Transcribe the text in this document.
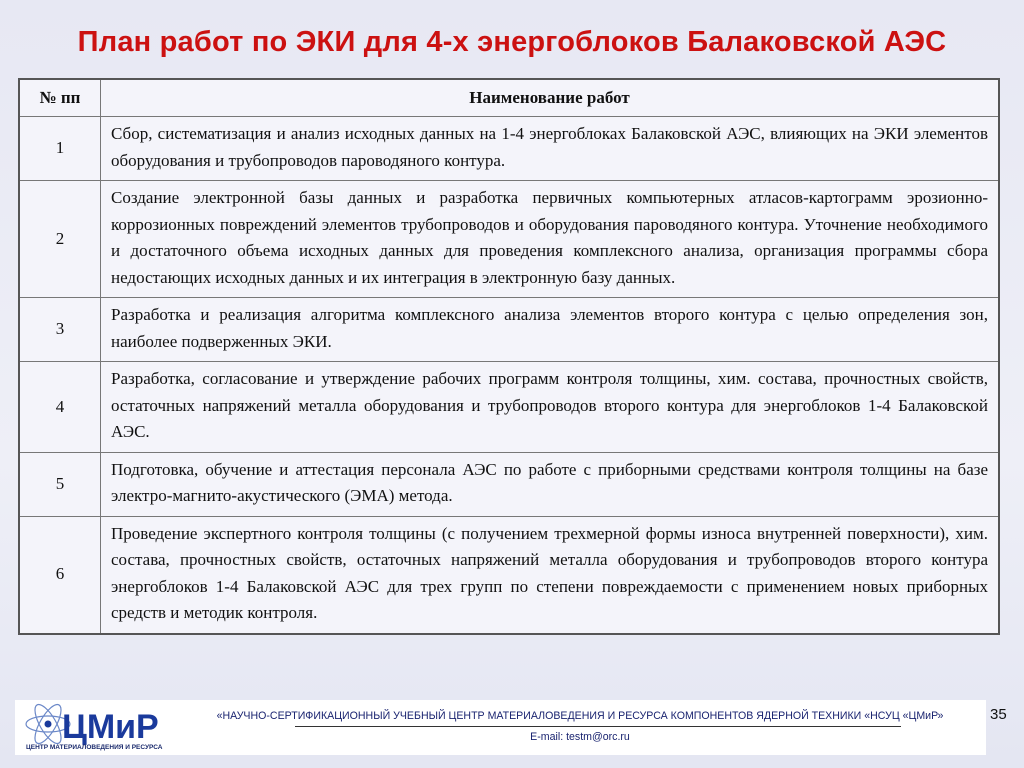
План работ по ЭКИ для 4-х энергоблоков Балаковской АЭС
№ пп	Наименование работ
1	Сбор, систематизация и анализ исходных данных на 1-4 энергоблоках Балаковской АЭС, влияющих на ЭКИ элементов оборудования и трубопроводов пароводяного контура.
2	Создание электронной базы данных и разработка первичных компьютерных атласов-картограмм эрозионно-коррозионных повреждений элементов трубопроводов и оборудования пароводяного контура. Уточнение необходимого и достаточного объема исходных данных для проведения комплексного анализа, организация программы сбора недостающих исходных данных и их интеграция в электронную базу данных.
3	Разработка и реализация алгоритма комплексного анализа элементов второго контура с целью определения зон, наиболее подверженных ЭКИ.
4	Разработка, согласование и утверждение рабочих программ контроля толщины, хим. состава, прочностных свойств, остаточных напряжений металла оборудования и трубопроводов второго контура для энергоблоков 1-4 Балаковской АЭС.
5	Подготовка, обучение и аттестация персонала АЭС по работе с приборными средствами контроля толщины на базе электро-магнито-акустического (ЭМА) метода.
6	Проведение экспертного контроля толщины (с получением трехмерной формы износа внутренней поверхности), хим. состава, прочностных свойств, остаточных напряжений металла оборудования и трубопроводов второго контура энергоблоков 1-4 Балаковской АЭС для трех групп по степени повреждаемости с применением новых приборных средств и методик контроля.
ЦМиР
ЦЕНТР МАТЕРИАЛОВЕДЕНИЯ И РЕСУРСА
«НАУЧНО-СЕРТИФИКАЦИОННЫЙ УЧЕБНЫЙ ЦЕНТР МАТЕРИАЛОВЕДЕНИЯ И РЕСУРСА КОМПОНЕНТОВ ЯДЕРНОЙ ТЕХНИКИ «НСУЦ «ЦМиР»
E-mail: testm@orc.ru
35
